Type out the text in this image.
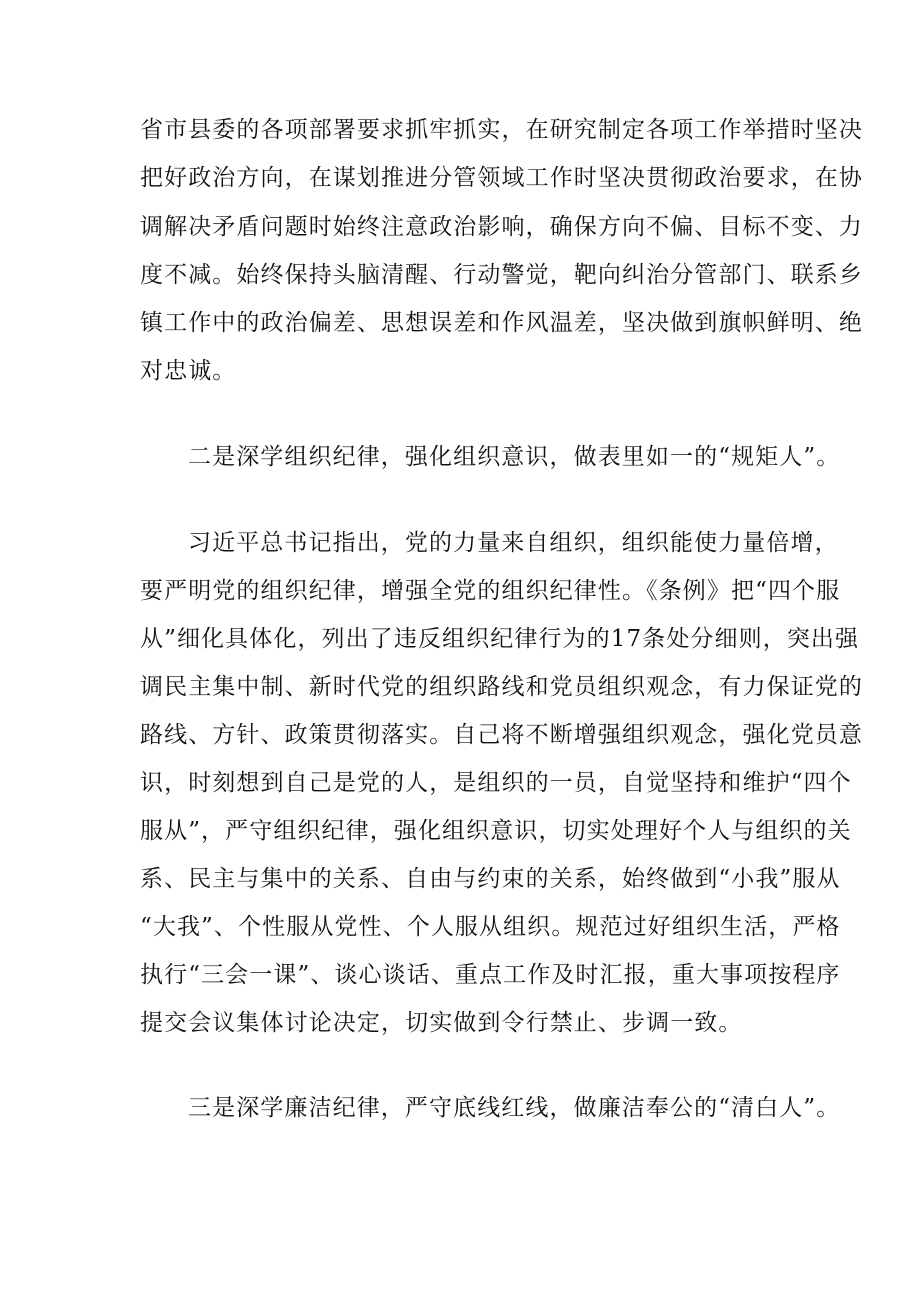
省市县委的各项部署要求抓牢抓实，在研究制定各项工作举措时坚决
把好政治方向，在谋划推进分管领域工作时坚决贯彻政治要求，在协
调解决矛盾问题时始终注意政治影响，确保方向不偏、目标不变、力
度不减。始终保持头脑清醒、行动警觉，靶向纠治分管部门、联系乡
镇工作中的政治偏差、思想误差和作风温差，坚决做到旗帜鲜明、绝
对忠诚。
二是深学组织纪律，强化组织意识，做表里如一的“规矩人”。
习近平总书记指出，党的力量来自组织，组织能使力量倍增，
要严明党的组织纪律，增强全党的组织纪律性。《条例》把“四个服
从”细化具体化，列出了违反组织纪律行为的17条处分细则，突出强
调民主集中制、新时代党的组织路线和党员组织观念，有力保证党的
路线、方针、政策贯彻落实。自己将不断增强组织观念，强化党员意
识，时刻想到自己是党的人，是组织的一员，自觉坚持和维护“四个
服从”，严守组织纪律，强化组织意识，切实处理好个人与组织的关
系、民主与集中的关系、自由与约束的关系，始终做到“小我”服从
“大我”、个性服从党性、个人服从组织。规范过好组织生活，严格
执行“三会一课”、谈心谈话、重点工作及时汇报，重大事项按程序
提交会议集体讨论决定，切实做到令行禁止、步调一致。
三是深学廉洁纪律，严守底线红线，做廉洁奉公的“清白人”。
